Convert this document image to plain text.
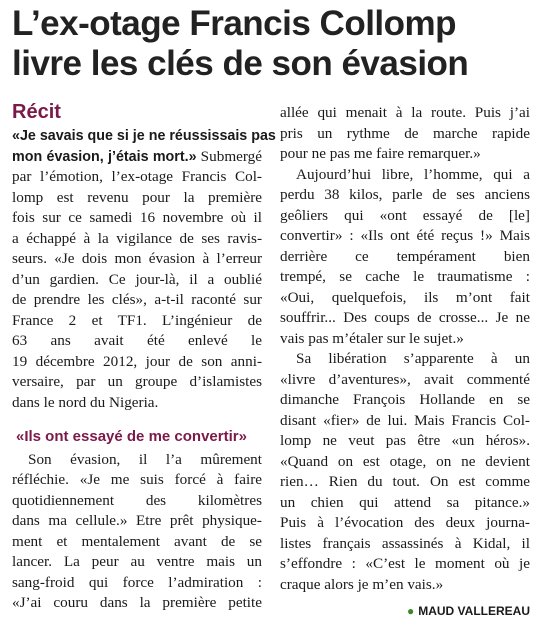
L’ex-otage Francis Collomp
livre les clés de son évasion
Récit
«Je savais que si je ne réussissais pas
mon évasion, j’étais mort.» Submergé
par l’émotion, l’ex-otage Francis Col-
lomp est revenu pour la première
fois sur ce samedi 16 novembre où il
a échappé à la vigilance de ses ravis-
seurs. «Je dois mon évasion à l’erreur
d’un gardien. Ce jour-là, il a oublié
de prendre les clés», a-t-il raconté sur
France 2 et TF1. L’ingénieur de
63 ans avait été enlevé le
19 décembre 2012, jour de son anni-
versaire, par un groupe d’islamistes
dans le nord du Nigeria.
«Ils ont essayé de me convertir»
Son évasion, il l’a mûrement
réfléchie. «Je me suis forcé à faire
quotidiennement des kilomètres
dans ma cellule.» Etre prêt physique-
ment et mentalement avant de se
lancer. La peur au ventre mais un
sang-froid qui force l’admiration :
«J’ai couru dans la première petite
allée qui menait à la route. Puis j’ai
pris un rythme de marche rapide
pour ne pas me faire remarquer.»
Aujourd’hui libre, l’homme, qui a
perdu 38 kilos, parle de ses anciens
geôliers qui «ont essayé de [le]
convertir» : «Ils ont été reçus !» Mais
derrière ce tempérament bien
trempé, se cache le traumatisme :
«Oui, quelquefois, ils m’ont fait
souffrir... Des coups de crosse... Je ne
vais pas m’étaler sur le sujet.»
Sa libération s’apparente à un
«livre d’aventures», avait commenté
dimanche François Hollande en se
disant «fier» de lui. Mais Francis Col-
lomp ne veut pas être «un héros».
«Quand on est otage, on ne devient
rien… Rien du tout. On est comme
un chien qui attend sa pitance.»
Puis à l’évocation des deux journa-
listes français assassinés à Kidal, il
s’effondre : «C’est le moment où je
craque alors je m’en vais.»
● MAUD VALLEREAU
